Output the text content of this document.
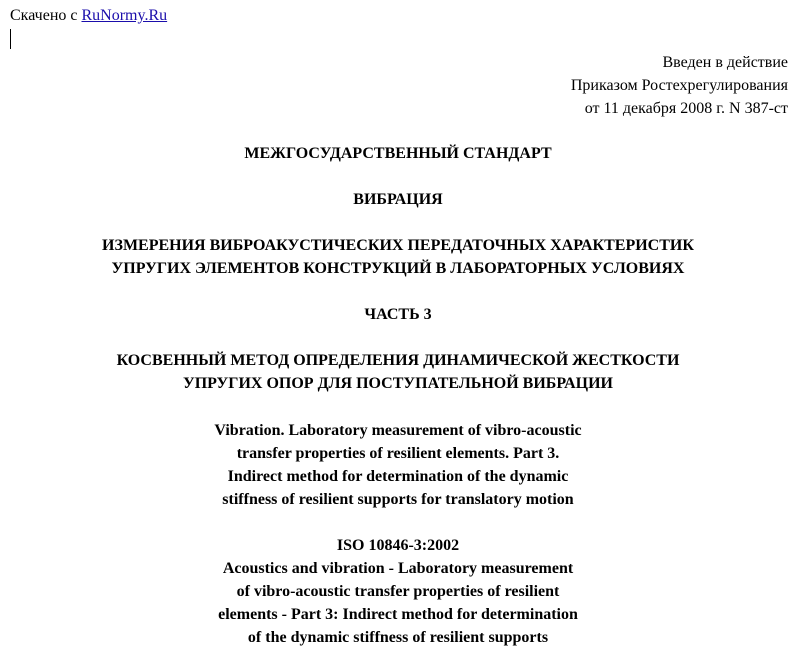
Скачено с RuNormy.Ru
Введен в действие
Приказом Ростехрегулирования
от 11 декабря 2008 г. N 387-ст
МЕЖГОСУДАРСТВЕННЫЙ СТАНДАРТ
ВИБРАЦИЯ
ИЗМЕРЕНИЯ ВИБРОАКУСТИЧЕСКИХ ПЕРЕДАТОЧНЫХ ХАРАКТЕРИСТИК
УПРУГИХ ЭЛЕМЕНТОВ КОНСТРУКЦИЙ В ЛАБОРАТОРНЫХ УСЛОВИЯХ
ЧАСТЬ 3
КОСВЕННЫЙ МЕТОД ОПРЕДЕЛЕНИЯ ДИНАМИЧЕСКОЙ ЖЕСТКОСТИ
УПРУГИХ ОПОР ДЛЯ ПОСТУПАТЕЛЬНОЙ ВИБРАЦИИ
Vibration. Laboratory measurement of vibro-acoustic
transfer properties of resilient elements. Part 3.
Indirect method for determination of the dynamic
stiffness of resilient supports for translatory motion
ISO 10846-3:2002
Acoustics and vibration - Laboratory measurement
of vibro-acoustic transfer properties of resilient
elements - Part 3: Indirect method for determination
of the dynamic stiffness of resilient supports
